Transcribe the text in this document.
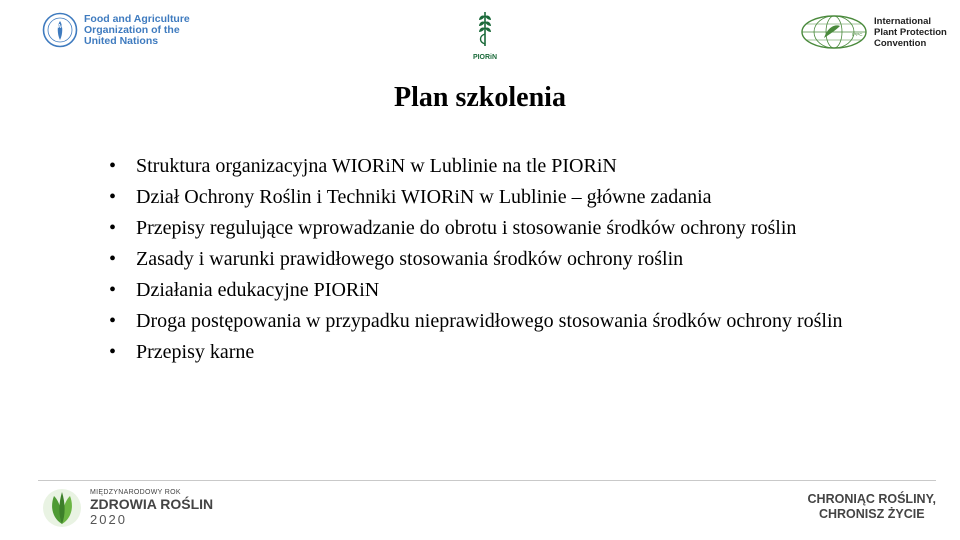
FAO
Food and Agriculture
Organization of the
United Nations
PIORiN
IPPC
International
Plant Protection
Convention
Plan szkolenia
• Struktura organizacyjna WIORiN w Lublinie na tle PIORiN
• Dział Ochrony Roślin i Techniki WIORiN w Lublinie – główne zadania
• Przepisy regulujące wprowadzanie do obrotu i stosowanie środków ochrony roślin
• Zasady i warunki prawidłowego stosowania środków ochrony roślin
• Działania edukacyjne PIORiN
• Droga postępowania w przypadku nieprawidłowego stosowania środków ochrony roślin
• Przepisy karne
MIĘDZYNARODOWY ROK
ZDROWIA ROŚLIN
2020
CHRONIĄC ROŚLINY,
CHRONISZ ŻYCIE
